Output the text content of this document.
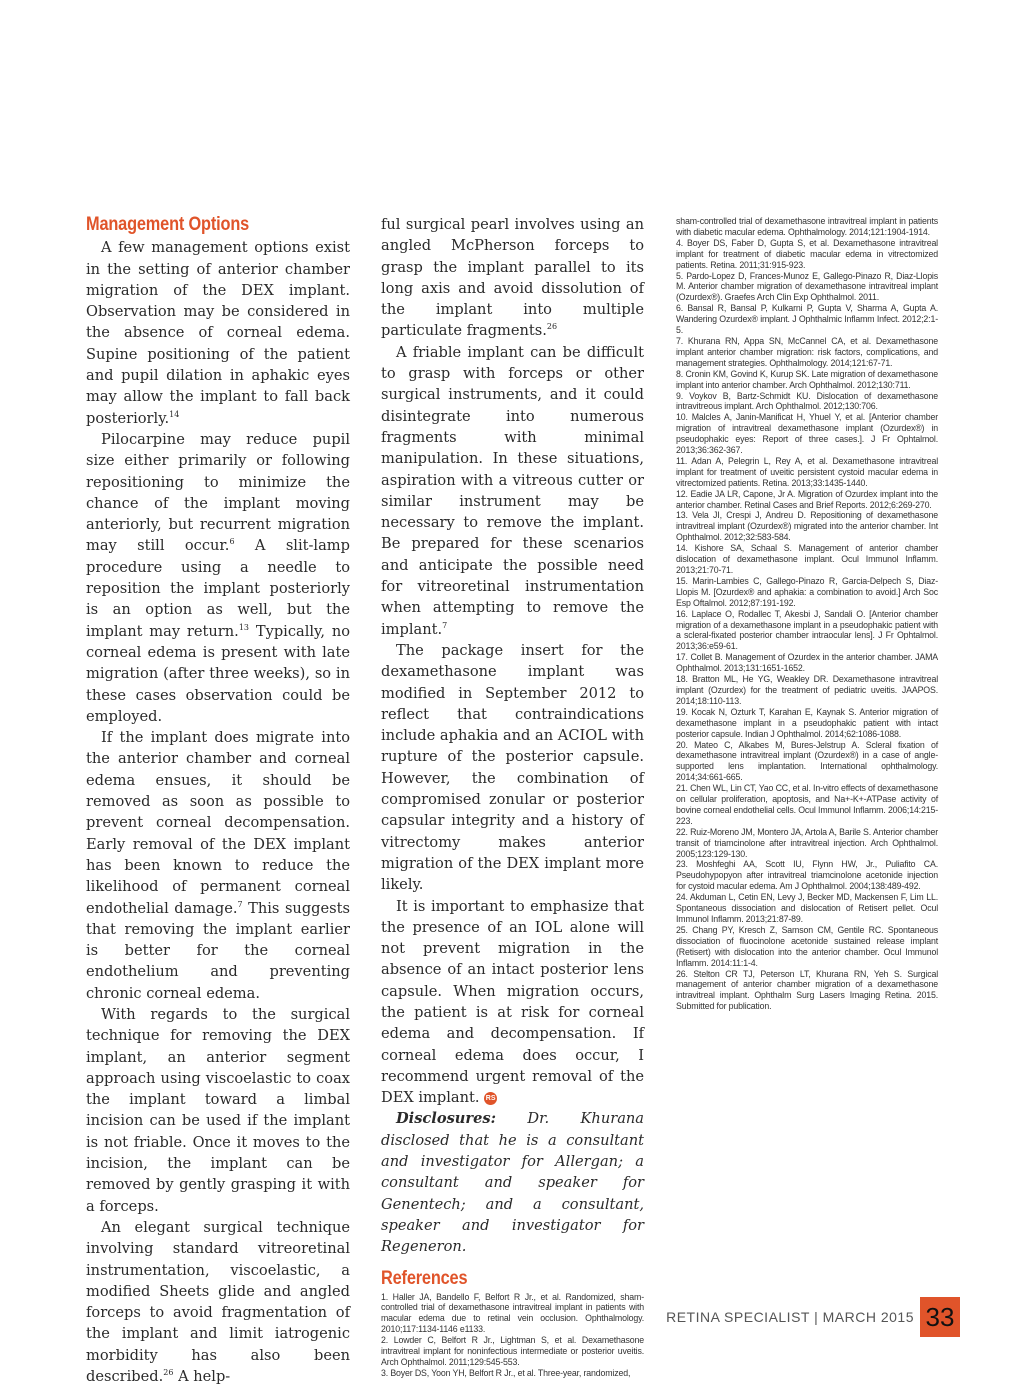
Management Options

A few management options exist in the setting of anterior chamber migration of the DEX implant. Observation may be considered in the absence of corneal edema. Supine positioning of the patient and pupil dilation in aphakic eyes may allow the implant to fall back posteriorly.$^{14}$

Pilocarpine may reduce pupil size either primarily or following repositioning to minimize the chance of the implant moving anteriorly, but recurrent migration may still occur.$^6$ A slit-lamp procedure using a needle to reposition the implant posteriorly is an option as well, but the implant may return.$^{13}$ Typically, no corneal edema is present with late migration (after three weeks), so in these cases observation could be employed.

If the implant does migrate into the anterior chamber and corneal edema ensues, it should be removed as soon as possible to prevent corneal decompensation. Early removal of the DEX implant has been known to reduce the likelihood of permanent corneal endothelial damage.$^7$ This suggests that removing the implant earlier is better for the corneal endothelium and preventing chronic corneal edema.

With regards to the surgical technique for removing the DEX implant, an anterior segment approach using viscoelastic to coax the implant toward a limbal incision can be used if the implant is not friable. Once it moves to the incision, the implant can be removed by gently grasping it with a forceps.

An elegant surgical technique involving standard vitreoretinal instrumentation, viscoelastic, a modified Sheets glide and angled forceps to avoid fragmentation of the implant and limit iatrogenic morbidity has also been described.$^{26}$ A help-

ful surgical pearl involves using an angled McPherson forceps to grasp the implant parallel to its long axis and avoid dissolution of the implant into multiple particulate fragments.$^{26}$

A friable implant can be difficult to grasp with forceps or other surgical instruments, and it could disintegrate into numerous fragments with minimal manipulation. In these situations, aspiration with a vitreous cutter or similar instrument may be necessary to remove the implant. Be prepared for these scenarios and anticipate the possible need for vitreoretinal instrumentation when attempting to remove the implant.$^7$

The package insert for the dexamethasone implant was modified in September 2012 to reflect that contraindications include aphakia and an ACIOL with rupture of the posterior capsule. However, the combination of compromised zonular or posterior capsular integrity and a history of vitrectomy makes anterior migration of the DEX implant more likely.

It is important to emphasize that the presence of an IOL alone will not prevent migration in the absence of an intact posterior lens capsule. When migration occurs, the patient is at risk for corneal edema and decompensation. If corneal edema does occur, I recommend urgent removal of the DEX implant. RS

Disclosures: Dr. Khurana disclosed that he is a consultant and investigator for Allergan; a consultant and speaker for Genentech; and a consultant, speaker and investigator for Regeneron.

References

1. Haller JA, Bandello F, Belfort R Jr., et al. Randomized, sham-controlled trial of dexamethasone intravitreal implant in patients with macular edema due to retinal vein occlusion. Ophthalmology. 2010;117:1134-1146 e1133.

2. Lowder C, Belfort R Jr., Lightman S, et al. Dexamethasone intravitreal implant for noninfectious intermediate or posterior uveitis. Arch Ophthalmol. 2011;129:545-553.

3. Boyer DS, Yoon YH, Belfort R Jr., et al. Three-year, randomized,

sham-controlled trial of dexamethasone intravitreal implant in patients with diabetic macular edema. Ophthalmology. 2014;121:1904-1914.

4. Boyer DS, Faber D, Gupta S, et al. Dexamethasone intravitreal implant for treatment of diabetic macular edema in vitrectomized patients. Retina. 2011;31:915-923.

5. Pardo-Lopez D, Frances-Munoz E, Gallego-Pinazo R, Diaz-Llopis M. Anterior chamber migration of dexamethasone intravitreal implant (Ozurdex®). Graefes Arch Clin Exp Ophthalmol. 2011.

6. Bansal R, Bansal P, Kulkarni P, Gupta V, Sharma A, Gupta A. Wandering Ozurdex® implant. J Ophthalmic Inflamm Infect. 2012;2:1-5.

7. Khurana RN, Appa SN, McCannel CA, et al. Dexamethasone implant anterior chamber migration: risk factors, complications, and management strategies. Ophthalmology. 2014;121:67-71.

8. Cronin KM, Govind K, Kurup SK. Late migration of dexamethasone implant into anterior chamber. Arch Ophthalmol. 2012;130:711.

9. Voykov B, Bartz-Schmidt KU. Dislocation of dexamethasone intravitreous implant. Arch Ophthalmol. 2012;130:706.

10. Malcles A, Janin-Manificat H, Yhuel Y, et al. [Anterior chamber migration of intravitreal dexamethasone implant (Ozurdex®) in pseudophakic eyes: Report of three cases.]. J Fr Ophtalmol. 2013;36:362-367.

11. Adan A, Pelegrin L, Rey A, et al. Dexamethasone intravitreal implant for treatment of uveitic persistent cystoid macular edema in vitrectomized patients. Retina. 2013;33:1435-1440.

12. Eadie JA LR, Capone, Jr A. Migration of Ozurdex implant into the anterior chamber. Retinal Cases and Brief Reports. 2012;6:269-270.

13. Vela JI, Crespi J, Andreu D. Repositioning of dexamethasone intravitreal implant (Ozurdex®) migrated into the anterior chamber. Int Ophthalmol. 2012;32:583-584.

14. Kishore SA, Schaal S. Management of anterior chamber dislocation of dexamethasone implant. Ocul Immunol Inflamm. 2013;21:70-71.

15. Marin-Lambies C, Gallego-Pinazo R, Garcia-Delpech S, Diaz-Llopis M. [Ozurdex® and aphakia: a combination to avoid.] Arch Soc Esp Oftalmol. 2012;87:191-192.

16. Laplace O, Rodallec T, Akesbi J, Sandali O. [Anterior chamber migration of a dexamethasone implant in a pseudophakic patient with a scleral-fixated posterior chamber intraocular lens]. J Fr Ophtalmol. 2013;36:e59-61.

17. Collet B. Management of Ozurdex in the anterior chamber. JAMA Ophthalmol. 2013;131:1651-1652.

18. Bratton ML, He YG, Weakley DR. Dexamethasone intravitreal implant (Ozurdex) for the treatment of pediatric uveitis. JAAPOS. 2014;18:110-113.

19. Kocak N, Ozturk T, Karahan E, Kaynak S. Anterior migration of dexamethasone implant in a pseudophakic patient with intact posterior capsule. Indian J Ophthalmol. 2014;62:1086-1088.

20. Mateo C, Alkabes M, Bures-Jelstrup A. Scleral fixation of dexamethasone intravitreal implant (Ozurdex®) in a case of angle-supported lens implantation. International ophthalmology. 2014;34:661-665.

21. Chen WL, Lin CT, Yao CC, et al. In-vitro effects of dexamethasone on cellular proliferation, apoptosis, and Na+-K+-ATPase activity of bovine corneal endothelial cells. Ocul Immunol Inflamm. 2006;14:215-223.

22. Ruiz-Moreno JM, Montero JA, Artola A, Barile S. Anterior chamber transit of triamcinolone after intravitreal injection. Arch Ophthalmol. 2005;123:129-130.

23. Moshfeghi AA, Scott IU, Flynn HW, Jr., Puliafito CA. Pseudohypopyon after intravitreal triamcinolone acetonide injection for cystoid macular edema. Am J Ophthalmol. 2004;138:489-492.

24. Akduman L, Cetin EN, Levy J, Becker MD, Mackensen F, Lim LL. Spontaneous dissociation and dislocation of Retisert pellet. Ocul Immunol Inflamm. 2013;21:87-89.

25. Chang PY, Kresch Z, Samson CM, Gentile RC. Spontaneous dissociation of fluocinolone acetonide sustained release implant (Retisert) with dislocation into the anterior chamber. Ocul Immunol Inflamm. 2014:11:1-4.

26. Stelton CR TJ, Peterson LT, Khurana RN, Yeh S. Surgical management of anterior chamber migration of a dexamethasone intravitreal implant. Ophthalm Surg Lasers Imaging Retina. 2015. Submitted for publication.

RETINA SPECIALIST | MARCH 2015 33
